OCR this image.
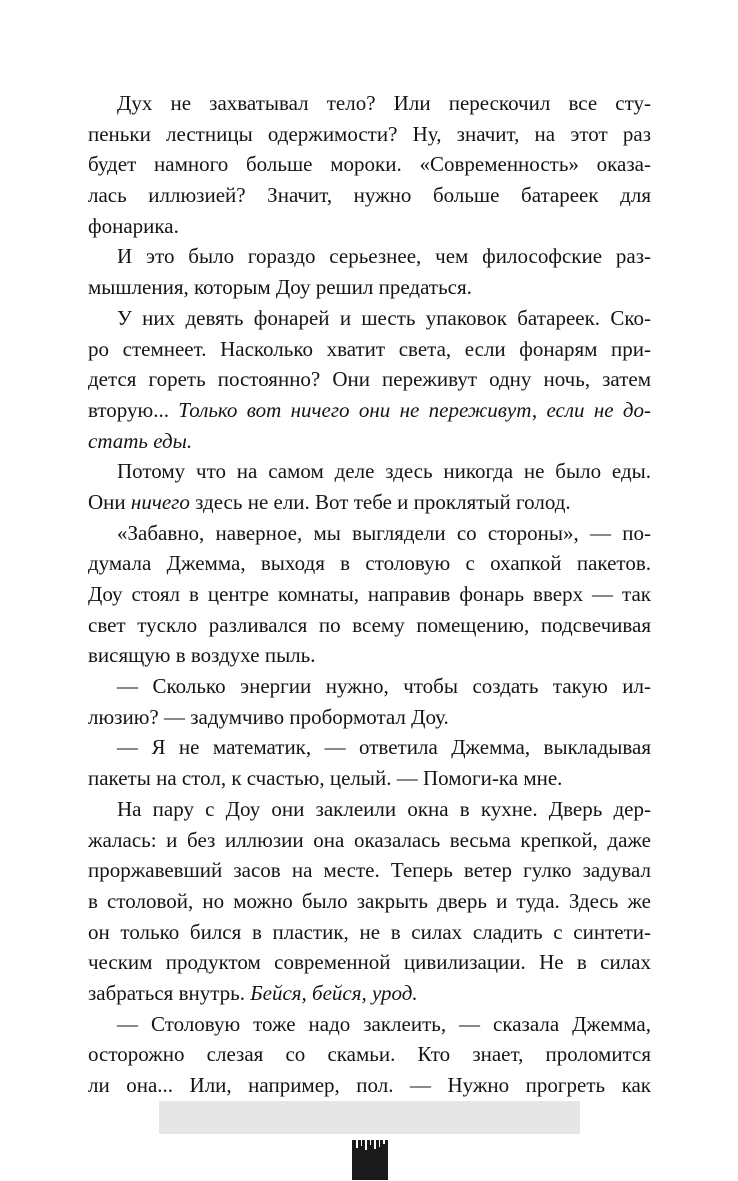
Дух не захватывал тело? Или перескочил все сту-
пеньки лестницы одержимости? Ну, значит, на этот раз
будет намного больше мороки. «Современность» оказа-
лась иллюзией? Значит, нужно больше батареек для
фонарика.
И это было гораздо серьезнее, чем философские раз-
мышления, которым Доу решил предаться.
У них девять фонарей и шесть упаковок батареек. Ско-
ро стемнеет. Насколько хватит света, если фонарям при-
дется гореть постоянно? Они переживут одну ночь, затем
вторую... Только вот ничего они не переживут, если не до-
стать еды.
Потому что на самом деле здесь никогда не было еды.
Они ничего здесь не ели. Вот тебе и проклятый голод.
«Забавно, наверное, мы выглядели со стороны», — по-
думала Джемма, выходя в столовую с охапкой пакетов.
Доу стоял в центре комнаты, направив фонарь вверх — так
свет тускло разливался по всему помещению, подсвечивая
висящую в воздухе пыль.
— Сколько энергии нужно, чтобы создать такую ил-
люзию? — задумчиво пробормотал Доу.
— Я не математик, — ответила Джемма, выкладывая
пакеты на стол, к счастью, целый. — Помоги-ка мне.
На пару с Доу они заклеили окна в кухне. Дверь дер-
жалась: и без иллюзии она оказалась весьма крепкой, даже
проржавевший засов на месте. Теперь ветер гулко задувал
в столовой, но можно было закрыть дверь и туда. Здесь же
он только бился в пластик, не в силах сладить с синтети-
ческим продуктом современной цивилизации. Не в силах
забраться внутрь. Бейся, бейся, урод.
— Столовую тоже надо заклеить, — сказала Джемма,
осторожно слезая со скамьи. Кто знает, проломится
ли она... Или, например, пол. — Нужно прогреть как
